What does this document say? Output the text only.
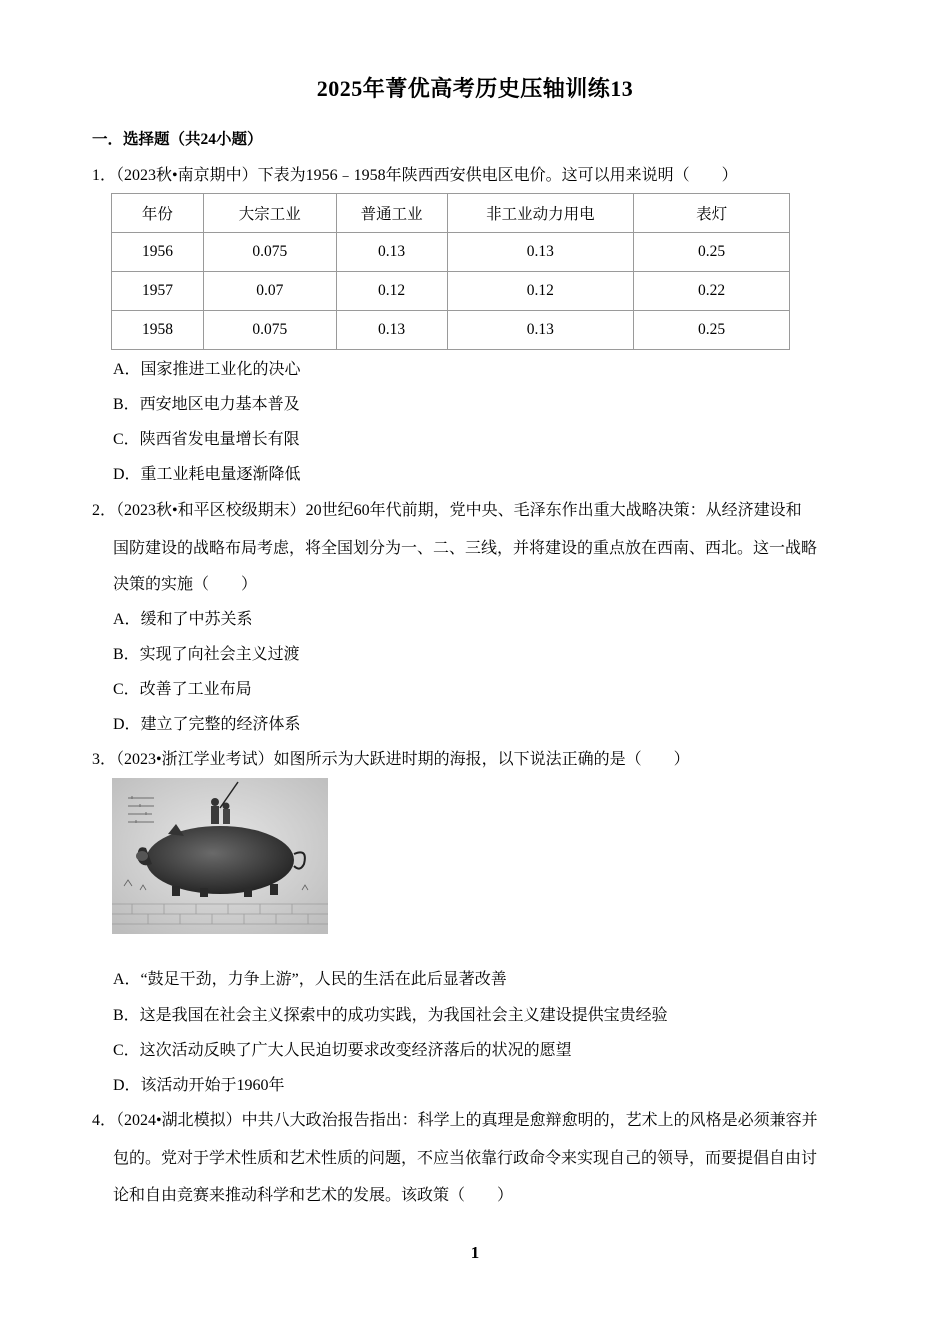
2025年菁优高考历史压轴训练13
一．选择题（共24小题）
1．（2023秋•南京期中）下表为1956﹣1958年陕西西安供电区电价。这可以用来说明（　　）
年份	大宗工业	普通工业	非工业动力用电	表灯
1956	0.075	0.13	0.13	0.25
1957	0.07	0.12	0.12	0.22
1958	0.075	0.13	0.13	0.25
A．国家推进工业化的决心
B．西安地区电力基本普及
C．陕西省发电量增长有限
D．重工业耗电量逐渐降低
2．（2023秋•和平区校级期末）20世纪60年代前期，党中央、毛泽东作出重大战略决策：从经济建设和
国防建设的战略布局考虑，将全国划分为一、二、三线，并将建设的重点放在西南、西北。这一战略
决策的实施（　　）
A．缓和了中苏关系
B．实现了向社会主义过渡
C．改善了工业布局
D．建立了完整的经济体系
3．（2023•浙江学业考试）如图所示为大跃进时期的海报，以下说法正确的是（　　）
A．“鼓足干劲，力争上游”，人民的生活在此后显著改善
B．这是我国在社会主义探索中的成功实践，为我国社会主义建设提供宝贵经验
C．这次活动反映了广大人民迫切要求改变经济落后的状况的愿望
D．该活动开始于1960年
4．（2024•湖北模拟）中共八大政治报告指出：科学上的真理是愈辩愈明的，艺术上的风格是必须兼容并
包的。党对于学术性质和艺术性质的问题，不应当依靠行政命令来实现自己的领导，而要提倡自由讨
论和自由竞赛来推动科学和艺术的发展。该政策（　　）
1
